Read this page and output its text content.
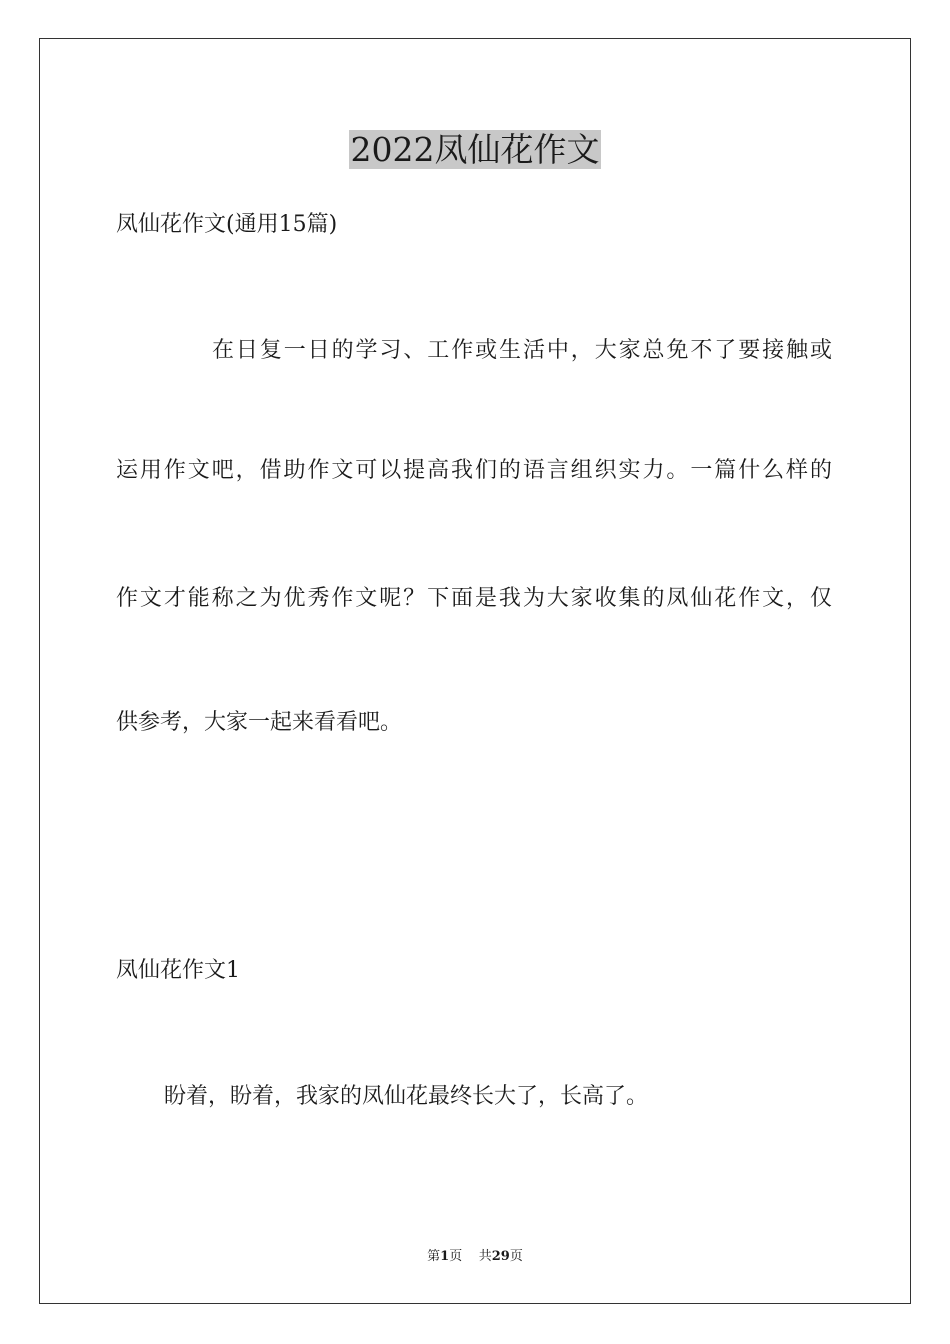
2022凤仙花作文

凤仙花作文(通用15篇)

在日复一日的学习、工作或生活中，大家总免不了要接触或

运用作文吧，借助作文可以提高我们的语言组织实力。一篇什么样的

作文才能称之为优秀作文呢？下面是我为大家收集的凤仙花作文，仅

供参考，大家一起来看看吧。

凤仙花作文1

盼着，盼着，我家的凤仙花最终长大了，长高了。

第1页 共29页
